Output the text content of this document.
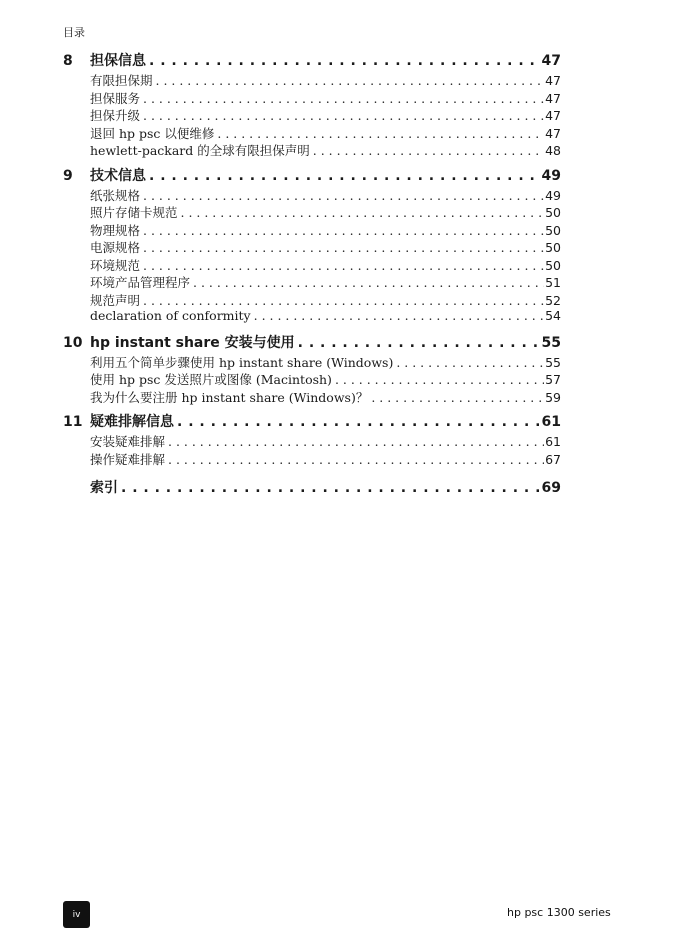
目录
8	担保信息 . . .	47
有限担保期 . . .	47
担保服务 . . .	47
担保升级 . . .	47
退回 hp psc 以便维修 . . .	47
hewlett-packard 的全球有限担保声明 . . .	48
9	技术信息 . . .	49
纸张规格 . . .	49
照片存储卡规范 . . .	50
物理规格 . . .	50
电源规格 . . .	50
环境规范 . . .	50
环境产品管理程序 . . .	51
规范声明 . . .	52
declaration of conformity . . .	54
10 hp instant share 安装与使用 . . .	55
利用五个简单步骤使用 hp instant share (Windows) . . .	55
使用 hp psc 发送照片或图像 (Macintosh) . . .	57
我为什么要注册 hp instant share (Windows)？ . . .	59
11 疑难排解信息 . . .	61
安装疑难排解 . . .	61
操作疑难排解 . . .	67
索引 . . .	69
iv	hp psc 1300 series
